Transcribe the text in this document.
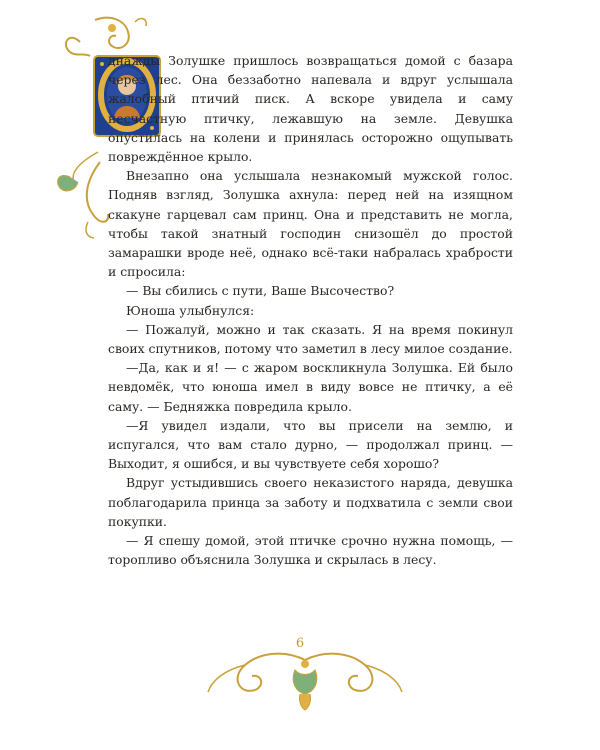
днажды Золушке пришлось возвращаться домой с базара через лес. Она беззаботно напевала и вдруг услышала жалобный птичий писк. А вскоре увидела и саму несчастную птичку, лежавшую на земле. Девушка опустилась на колени и принялась осторожно ощупывать повреждённое крыло.

Внезапно она услышала незнакомый мужской голос. Подняв взгляд, Золушка ахнула: перед ней на изящном скакуне гарцевал сам принц. Она и представить не могла, чтобы такой знатный господин снизошёл до простой замарашки вроде неё, однако всё-таки набралась храбрости и спросила:

— Вы сбились с пути, Ваше Высочество?

Юноша улыбнулся:

— Пожалуй, можно и так сказать. Я на время покинул своих спутников, потому что заметил в лесу милое создание.

—Да, как и я! — с жаром воскликнула Золушка. Ей было невдомёк, что юноша имел в виду вовсе не птичку, а её саму. — Бедняжка повредила крыло.

—Я увидел издали, что вы присели на землю, и испугался, что вам стало дурно, — продолжал принц. — Выходит, я ошибся, и вы чувствуете себя хорошо?

Вдруг устыдившись своего неказистого наряда, девушка поблагодарила принца за заботу и подхватила с земли свои покупки.

— Я спешу домой, этой птичке срочно нужна помощь, — торопливо объяснила Золушка и скрылась в лесу.

6
